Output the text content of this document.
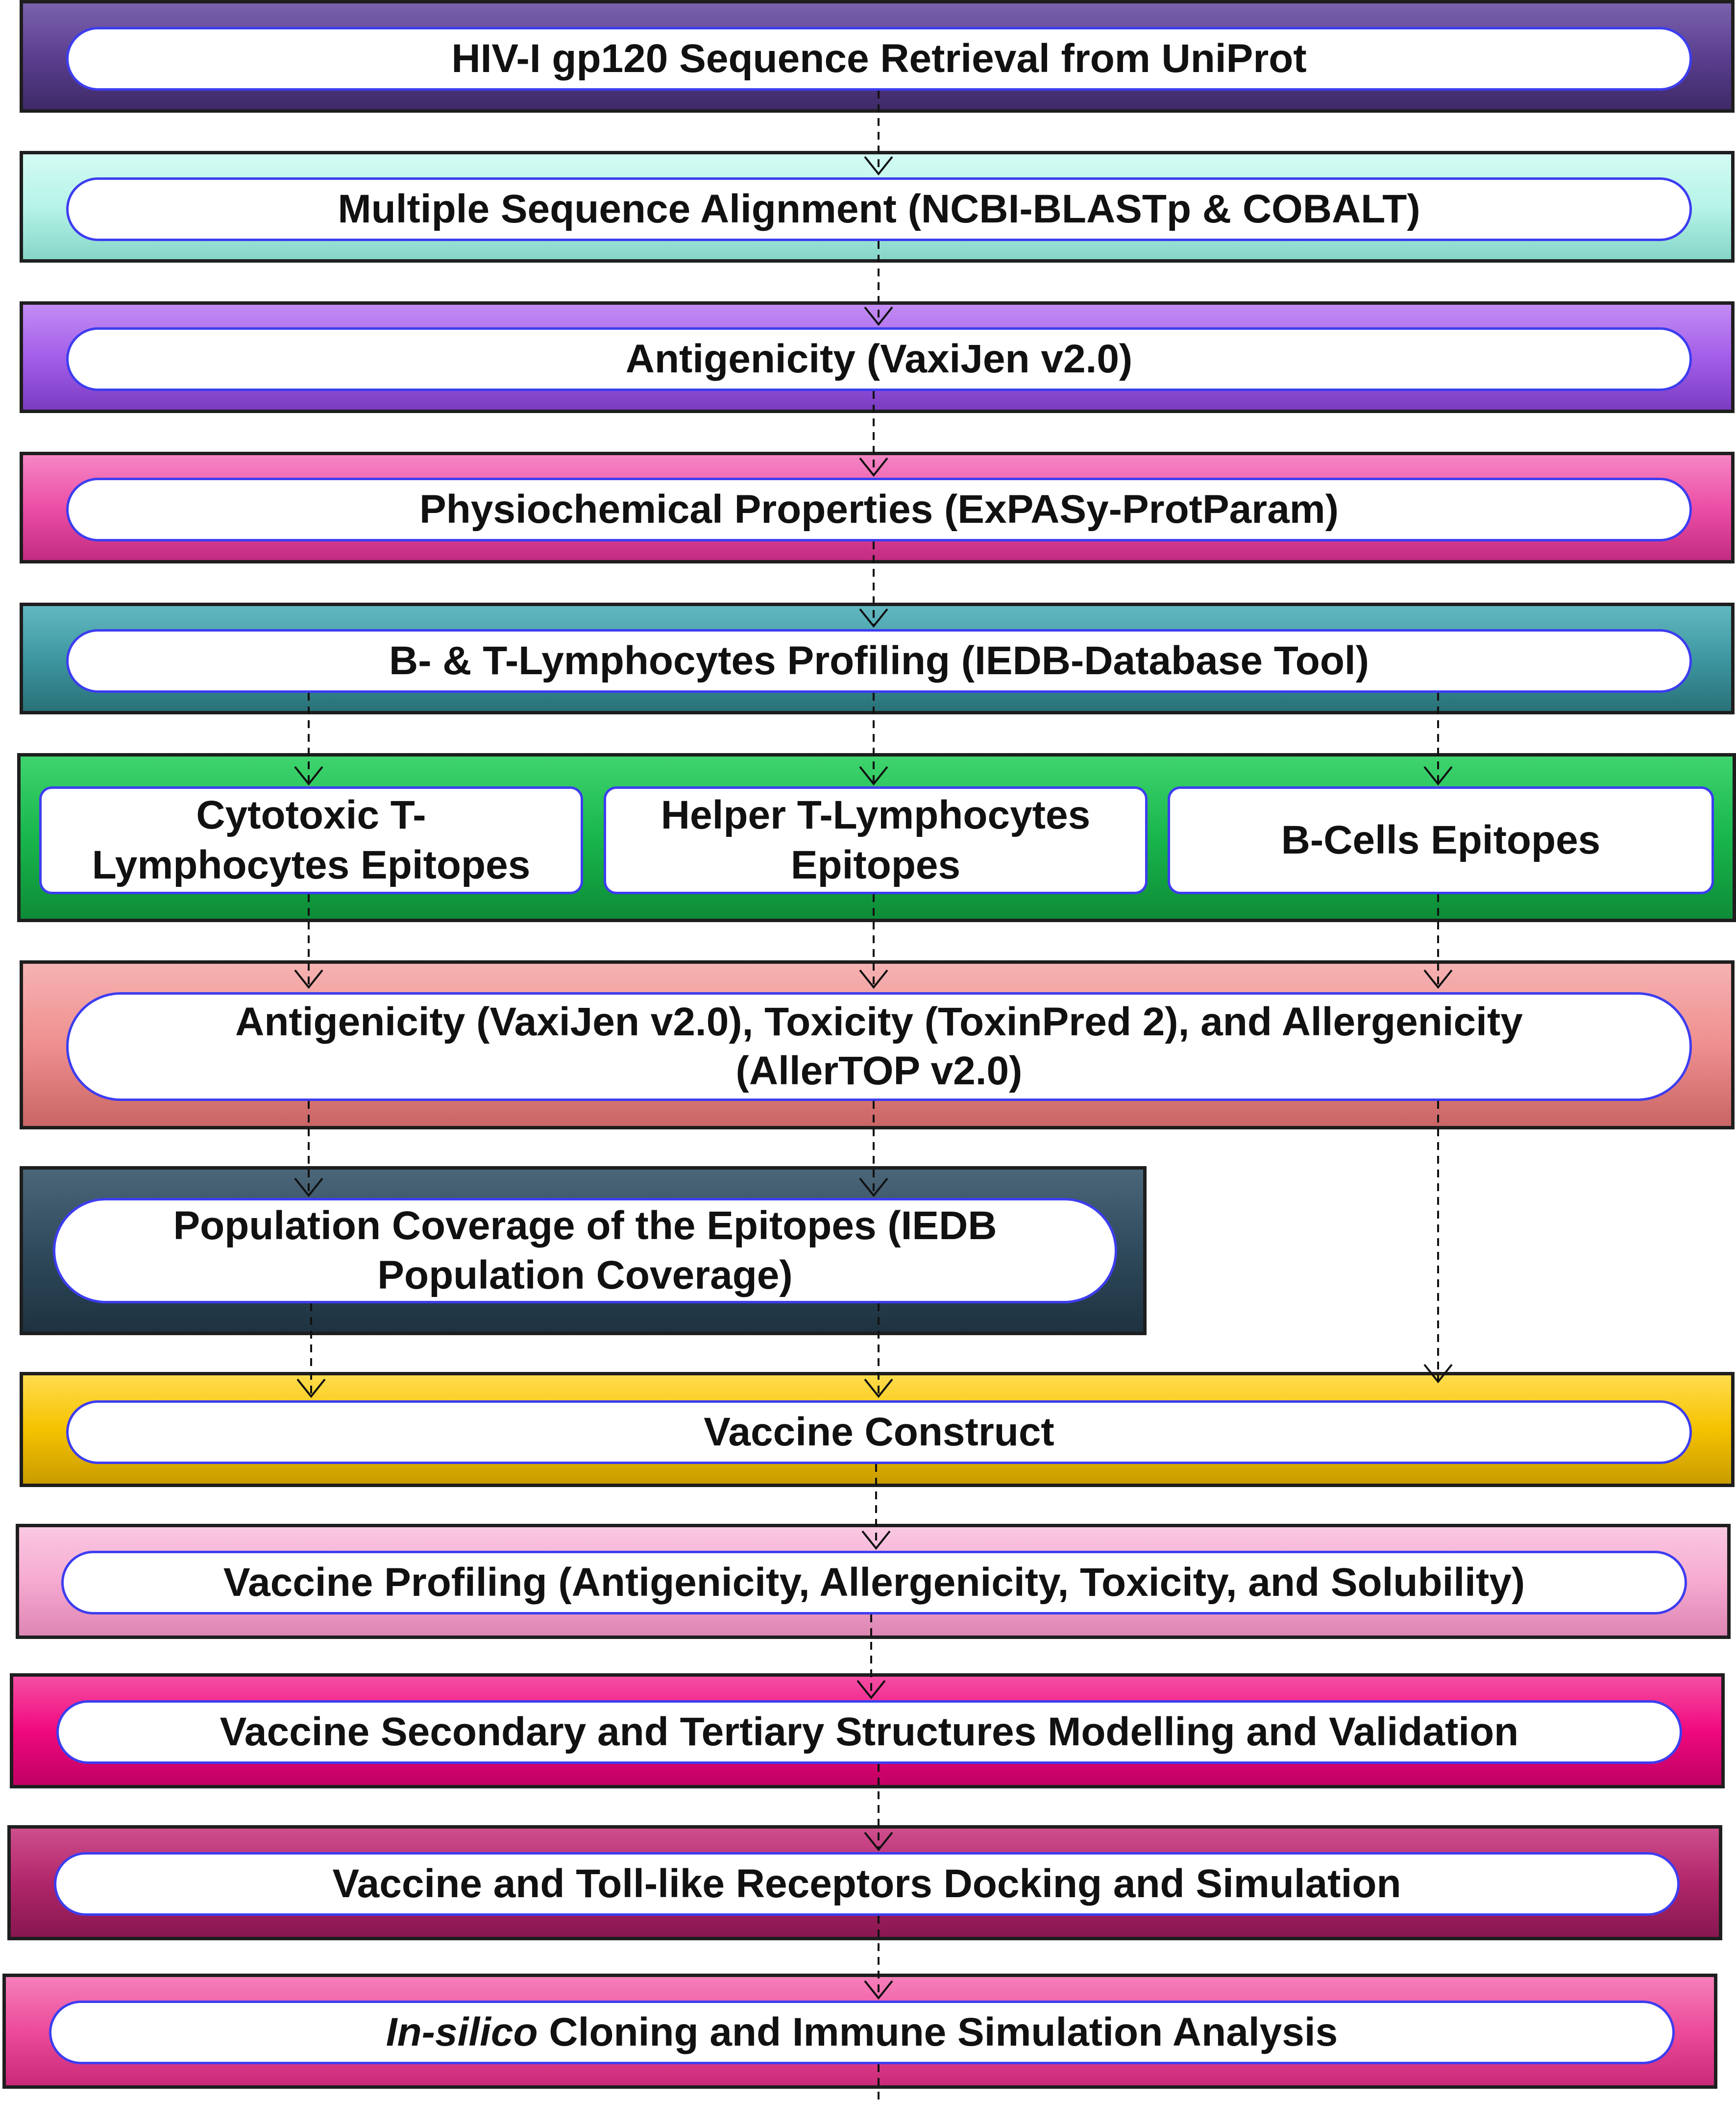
HIV-I gp120 Sequence Retrieval from UniProt
Multiple Sequence Alignment (NCBI-BLASTp & COBALT)
Antigenicity (VaxiJen v2.0)
Physiochemical Properties (ExPASy-ProtParam)
B- & T-Lymphocytes Profiling (IEDB-Database Tool)
Cytotoxic T-Lymphocytes Epitopes
Helper T-Lymphocytes Epitopes
B-Cells Epitopes
Antigenicity (VaxiJen v2.0), Toxicity (ToxinPred 2), and Allergenicity (AllerTOP v2.0)
Population Coverage of the Epitopes (IEDB Population Coverage)
Vaccine Construct
Vaccine Profiling (Antigenicity, Allergenicity, Toxicity, and Solubility)
Vaccine Secondary and Tertiary Structures Modelling and Validation
Vaccine and Toll-like Receptors Docking and Simulation
In-silico Cloning and Immune Simulation Analysis
